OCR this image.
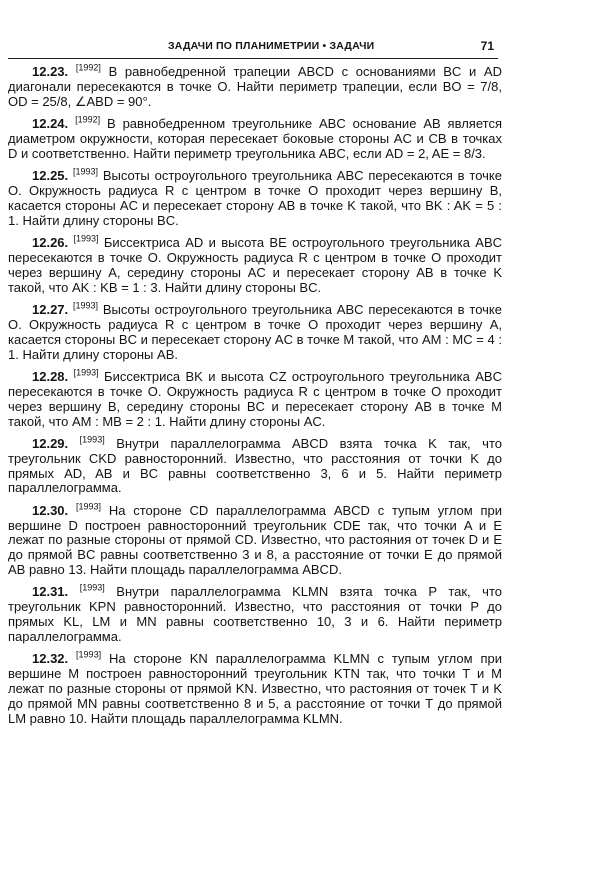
ЗАДАЧИ ПО ПЛАНИМЕТРИИ • ЗАДАЧИ	71

12.23. [1992] В равнобедренной трапеции ABCD с основаниями BC и AD диагонали пересекаются в точке O. Найти периметр трапеции, если BO = 7/8, OD = 25/8, ∠ABD = 90°.

12.24. [1992] В равнобедренном треугольнике ABC основание AB является диаметром окружности, которая пересекает боковые стороны AC и CB в точках D и соответственно. Найти периметр треугольника ABC, если AD = 2, AE = 8/3.

12.25. [1993] Высоты остроугольного треугольника ABC пересекаются в точке O. Окружность радиуса R с центром в точке O проходит через вершину B, касается стороны AC и пересекает сторону AB в точке K такой, что BK : AK = 5 : 1. Найти длину стороны BC.

12.26. [1993] Биссектриса AD и высота BE остроугольного треугольника ABC пересекаются в точке O. Окружность радиуса R с центром в точке O проходит через вершину A, середину стороны AC и пересекает сторону AB в точке K такой, что AK : KB = 1 : 3. Найти длину стороны BC.

12.27. [1993] Высоты остроугольного треугольника ABC пересекаются в точке O. Окружность радиуса R с центром в точке O проходит через вершину A, касается стороны BC и пересекает сторону AC в точке M такой, что AM : MC = 4 : 1. Найти длину стороны AB.

12.28. [1993] Биссектриса BK и высота CZ остроугольного треугольника ABC пересекаются в точке O. Окружность радиуса R с центром в точке O проходит через вершину B, середину стороны BC и пересекает сторону AB в точке M такой, что AM : MB = 2 : 1. Найти длину стороны AC.

12.29. [1993] Внутри параллелограмма ABCD взята точка K так, что треугольник CKD равносторонний. Известно, что расстояния от точки K до прямых AD, AB и BC равны соответственно 3, 6 и 5. Найти периметр параллелограмма.

12.30. [1993] На стороне CD параллелограмма ABCD с тупым углом при вершине D построен равносторонний треугольник CDE так, что точки A и E лежат по разные стороны от прямой CD. Известно, что растояния от точек D и E до прямой BC равны соответственно 3 и 8, а расстояние от точки E до прямой AB равно 13. Найти площадь параллелограмма ABCD.

12.31. [1993] Внутри параллелограмма KLMN взята точка P так, что треугольник KPN равносторонний. Известно, что расстояния от точки P до прямых KL, LM и MN равны соответственно 10, 3 и 6. Найти периметр параллелограмма.

12.32. [1993] На стороне KN параллелограмма KLMN с тупым углом при вершине M построен равносторонний треугольник KTN так, что точки T и M лежат по разные стороны от прямой KN. Известно, что растояния от точек T и K до прямой MN равны соответственно 8 и 5, а расстояние от точки T до прямой LM равно 10. Найти площадь параллелограмма KLMN.
